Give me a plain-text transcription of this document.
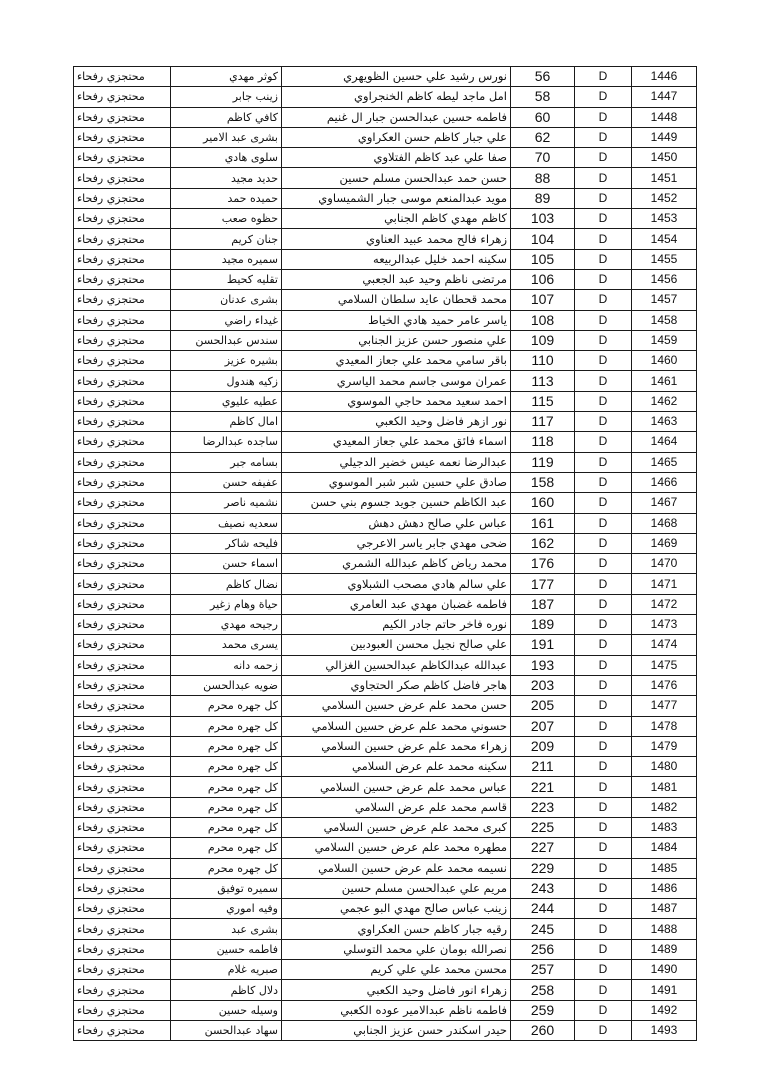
محتجزي رفحاء	كوثر مهدي	نورس رشيد علي حسين الظويهري	56	D	1446
محتجزي رفحاء	زينب جابر	امل ماجد ليطه كاظم الخنجراوي	58	D	1447
محتجزي رفحاء	كافي كاظم	فاطمه حسين عبدالحسن جبار ال غنيم	60	D	1448
محتجزي رفحاء	بشرى عبد الامير	علي جبار كاظم حسن العكراوي	62	D	1449
محتجزي رفحاء	سلوى هادي	صفا علي عبد كاظم الفتلاوي	70	D	1450
محتجزي رفحاء	حديد مجيد	حسن حمد عبدالحسن مسلم حسين	88	D	1451
محتجزي رفحاء	حميده حمد	مويد عبدالمنعم موسى جبار الشميساوي	89	D	1452
محتجزي رفحاء	حظوه صعب	كاظم مهدي كاظم الجنابي	103	D	1453
محتجزي رفحاء	جنان كريم	زهراء فالح محمد عبيد العناوي	104	D	1454
محتجزي رفحاء	سميره مجيد	سكينه احمد خليل عبدالربيعه	105	D	1455
محتجزي رفحاء	تقليه كحيط	مرتضى ناظم وحيد عبد الجعبي	106	D	1456
محتجزي رفحاء	بشرى عدنان	محمد قحطان عايد سلطان السلامي	107	D	1457
محتجزي رفحاء	غيداء راضي	ياسر عامر حميد هادي الخياط	108	D	1458
محتجزي رفحاء	سندس عبدالحسن	علي منصور حسن عزيز الجنابي	109	D	1459
محتجزي رفحاء	بشيره عزيز	باقر سامي محمد علي جعاز المعيدي	110	D	1460
محتجزي رفحاء	زكيه هندول	عمران موسى جاسم محمد الياسري	113	D	1461
محتجزي رفحاء	عطيه عليوي	احمد سعيد محمد حاجي الموسوي	115	D	1462
محتجزي رفحاء	امال كاظم	نور ازهر فاضل وحيد الكعبي	117	D	1463
محتجزي رفحاء	ساجده عبدالرضا	اسماء فائق محمد علي جعاز المعيدي	118	D	1464
محتجزي رفحاء	بسامه جبر	عبدالرضا نعمه عيس خضير الدجيلي	119	D	1465
محتجزي رفحاء	عفيفه حسن	صادق علي حسين شبر شبر الموسوي	158	D	1466
محتجزي رفحاء	نشميه ناصر	عبد الكاظم حسين جويد جسوم بني حسن	160	D	1467
محتجزي رفحاء	سعديه نصيف	عباس علي صالح دهش دهش	161	D	1468
محتجزي رفحاء	فليحه شاكر	ضحى مهدي جابر ياسر الاعرجي	162	D	1469
محتجزي رفحاء	اسماء حسن	محمد رياض كاظم عبدالله الشمري	176	D	1470
محتجزي رفحاء	نضال كاظم	علي سالم هادي مصحب الشبلاوي	177	D	1471
محتجزي رفحاء	حياة وهام زغير	فاطمه غضبان مهدي عبد العامري	187	D	1472
محتجزي رفحاء	رجيحه مهدي	نوره فاخر حاتم جادر الكيم	189	D	1473
محتجزي رفحاء	يسرى محمد	علي صالح نجيل محسن العبودبين	191	D	1474
محتجزي رفحاء	زحمه دانه	عبدالله عبدالكاظم عبدالحسين الغزالي	193	D	1475
محتجزي رفحاء	ضويه عبدالحسن	هاجر فاضل كاظم صكر الحتجاوي	203	D	1476
محتجزي رفحاء	كل جهره محرم	حسن محمد علم عرض حسين السلامي	205	D	1477
محتجزي رفحاء	كل جهره محرم	حسوني محمد علم عرض حسين السلامي	207	D	1478
محتجزي رفحاء	كل جهره محرم	زهراء محمد علم عرض حسين السلامي	209	D	1479
محتجزي رفحاء	كل جهره محرم	سكينه محمد علم عرض السلامي	211	D	1480
محتجزي رفحاء	كل جهره محرم	عباس محمد علم عرض حسين السلامي	221	D	1481
محتجزي رفحاء	كل جهره محرم	قاسم محمد علم عرض السلامي	223	D	1482
محتجزي رفحاء	كل جهره محرم	كبرى محمد علم عرض حسين السلامي	225	D	1483
محتجزي رفحاء	كل جهره محرم	مطهره محمد علم عرض حسين السلامي	227	D	1484
محتجزي رفحاء	كل جهره محرم	نسيمه محمد علم عرض حسين السلامي	229	D	1485
محتجزي رفحاء	سميره توفيق	مريم علي عبدالحسن مسلم حسين	243	D	1486
محتجزي رفحاء	وفيه اموري	زينب عباس صالح مهدي البو عجمي	244	D	1487
محتجزي رفحاء	بشرى عبد	رقيه جبار كاظم حسن العكراوي	245	D	1488
محتجزي رفحاء	فاطمه حسين	نصرالله بومان علي محمد التوسلي	256	D	1489
محتجزي رفحاء	صبريه غلام	محسن محمد علي علي كريم	257	D	1490
محتجزي رفحاء	دلال كاظم	زهراء انور فاضل وحيد الكعبي	258	D	1491
محتجزي رفحاء	وسيله حسين	فاطمه ناظم عبدالامير عوده الكعبي	259	D	1492
محتجزي رفحاء	سهاد عبدالحسن	حيدر اسكندر حسن عزيز الجنابي	260	D	1493
